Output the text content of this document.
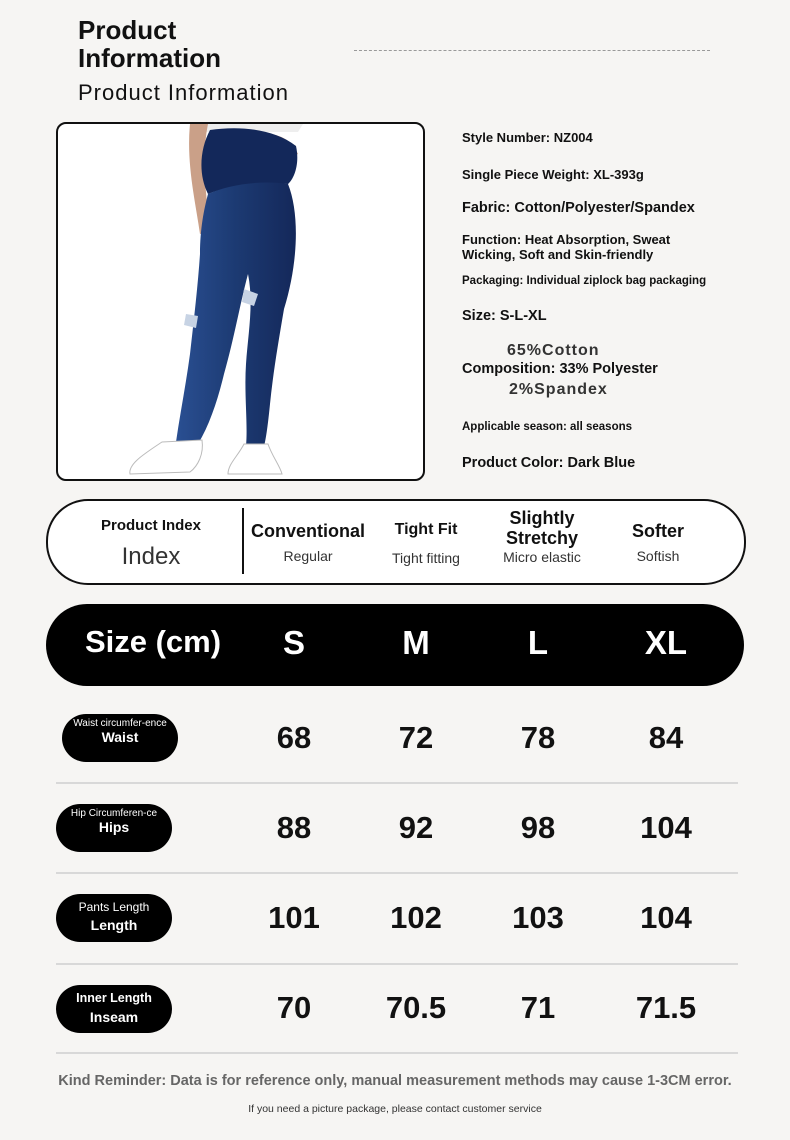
Product Information
Product Information
Style Number: NZ004
Single Piece Weight: XL-393g
Fabric: Cotton/Polyester/Spandex
Function: Heat Absorption, Sweat Wicking, Soft and Skin-friendly
Packaging: Individual ziplock bag packaging
Size: S-L-XL
65%Cotton
Composition: 33% Polyester
2%Spandex
Applicable season: all seasons
Product Color: Dark Blue
Product Index
Index
Conventional
Regular
Tight Fit
Tight fitting
Slightly Stretchy
Micro elastic
Softer
Softish
Size (cm)	S	M	L	XL
Waist circumfer-ence
Waist	68	72	78	84
Hip Circumferen-ce
Hips	88	92	98	104
Pants Length
Length	101	102	103	104
Inner Length
Inseam	70	70.5	71	71.5
Kind Reminder: Data is for reference only, manual measurement methods may cause 1-3CM error.
If you need a picture package, please contact customer service
